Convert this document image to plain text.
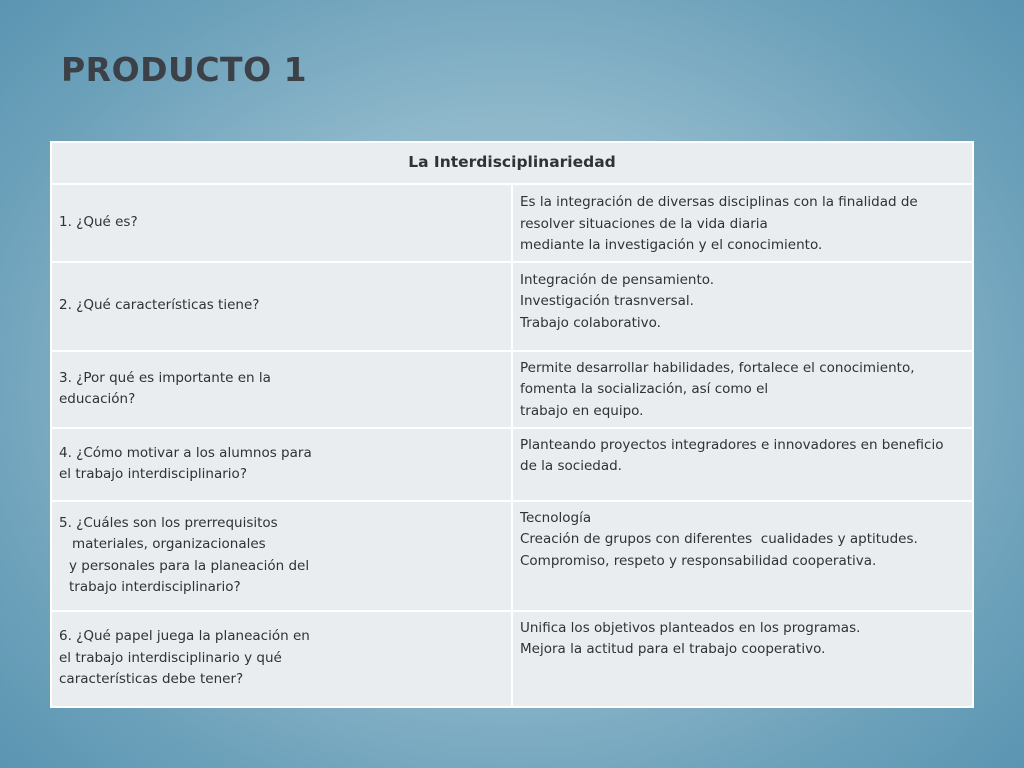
PRODUCTO 1
La Interdisciplinariedad	

1. ¿Qué es?	Es la integración de diversas disciplinas con la finalidad de resolver situaciones de la vida diaria
mediante la investigación y el conocimiento.

2. ¿Qué características tiene?	Integración de pensamiento.
Investigación trasnversal.
Trabajo colaborativo.

3. ¿Por qué es importante en la
educación?	Permite desarrollar habilidades, fortalece el conocimiento, fomenta la socialización, así como el
trabajo en equipo.

4. ¿Cómo motivar a los alumnos para
el trabajo interdisciplinario?	Planteando proyectos integradores e innovadores en beneficio de la sociedad.

5. ¿Cuáles son los prerrequisitos
materiales, organizacionales
y personales para la planeación del
trabajo interdisciplinario?	Tecnología
Creación de grupos con diferentes  cualidades y aptitudes.
Compromiso, respeto y responsabilidad cooperativa.

6. ¿Qué papel juega la planeación en
el trabajo interdisciplinario y qué
características debe tener?	Unifica los objetivos planteados en los programas.
Mejora la actitud para el trabajo cooperativo.
